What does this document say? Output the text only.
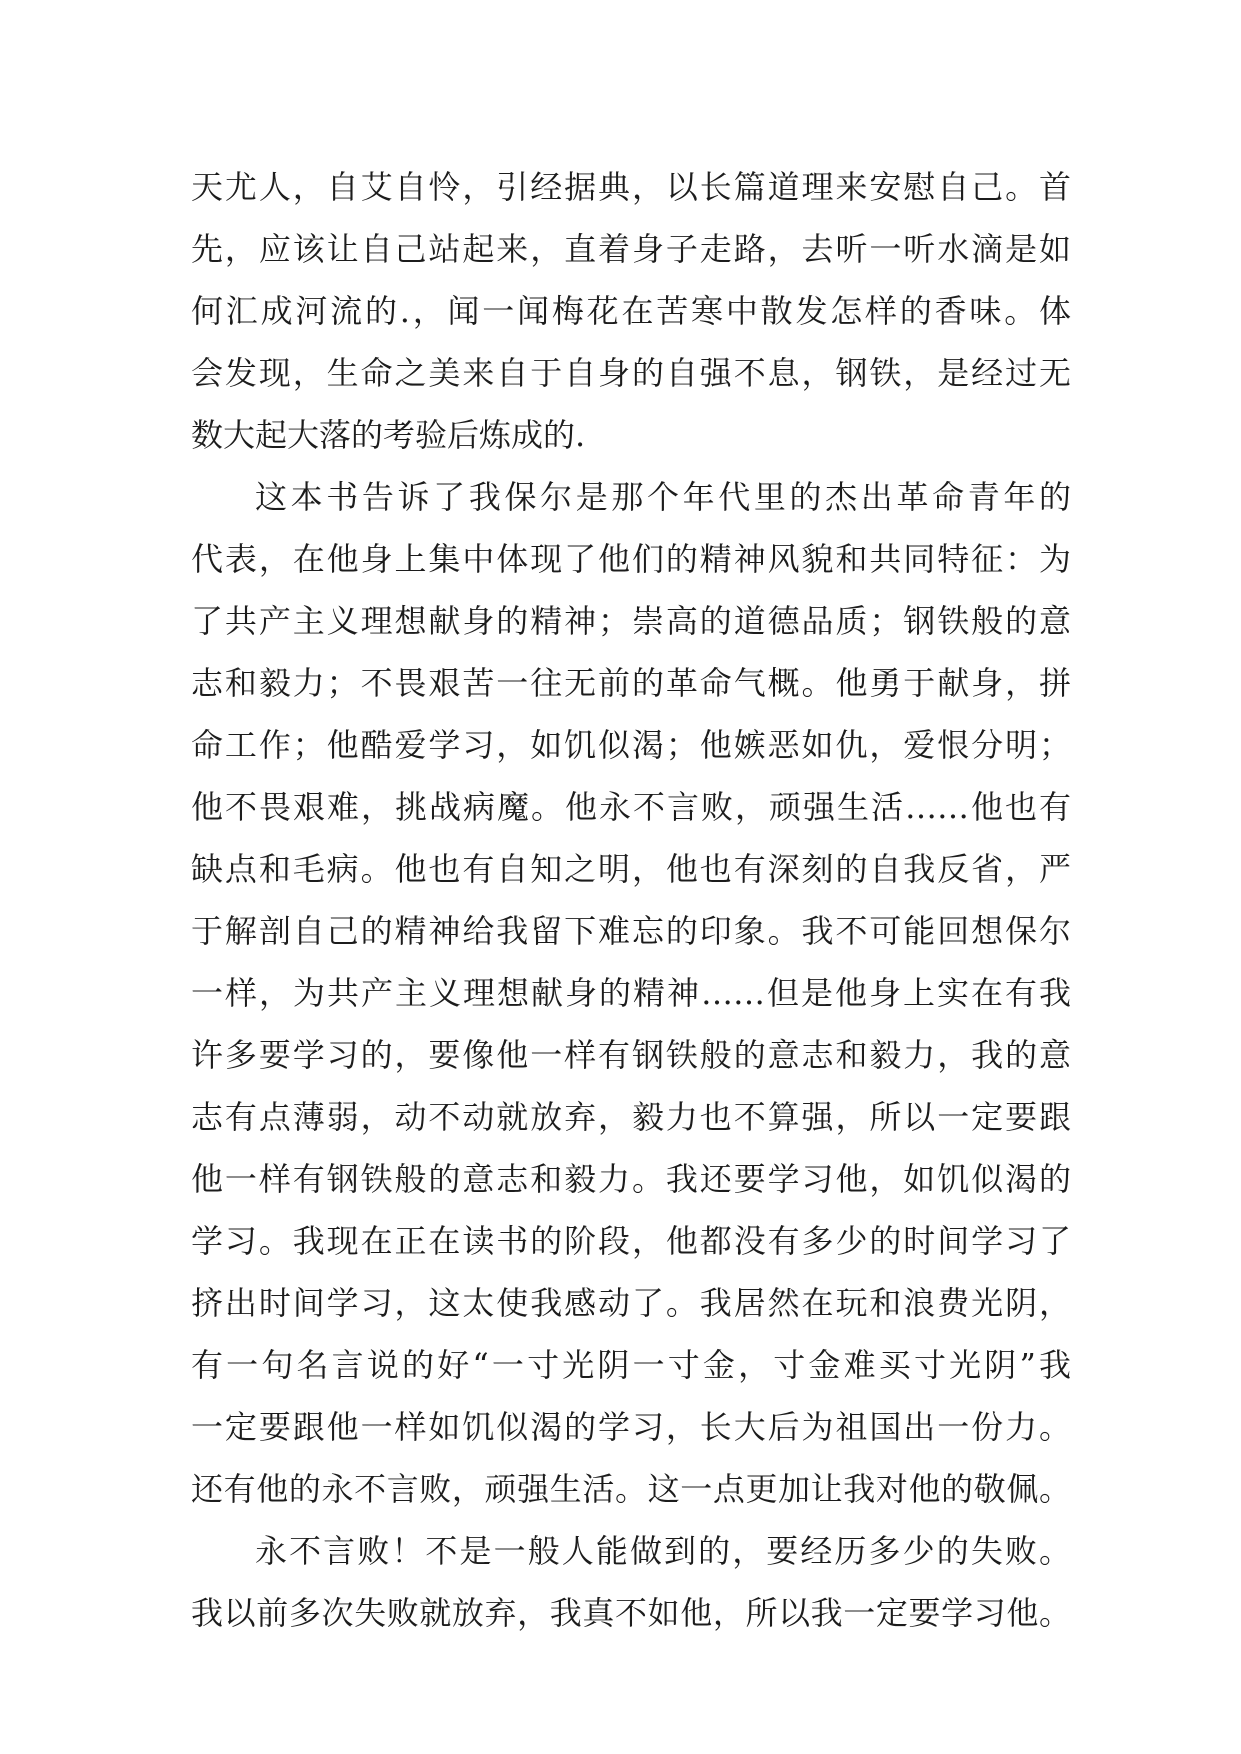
天尤人，自艾自怜，引经据典，以长篇道理来安慰自己。首
先，应该让自己站起来，直着身子走路，去听一听水滴是如
何汇成河流的.，闻一闻梅花在苦寒中散发怎样的香味。体
会发现，生命之美来自于自身的自强不息，钢铁，是经过无
数大起大落的考验后炼成的.
这本书告诉了我保尔是那个年代里的杰出革命青年的
代表，在他身上集中体现了他们的精神风貌和共同特征：为
了共产主义理想献身的精神；崇高的道德品质；钢铁般的意
志和毅力；不畏艰苦一往无前的革命气概。他勇于献身，拼
命工作；他酷爱学习，如饥似渴；他嫉恶如仇，爱恨分明；
他不畏艰难，挑战病魔。他永不言败，顽强生活……他也有
缺点和毛病。他也有自知之明，他也有深刻的自我反省，严
于解剖自己的精神给我留下难忘的印象。我不可能回想保尔
一样，为共产主义理想献身的精神……但是他身上实在有我
许多要学习的，要像他一样有钢铁般的意志和毅力，我的意
志有点薄弱，动不动就放弃，毅力也不算强，所以一定要跟
他一样有钢铁般的意志和毅力。我还要学习他，如饥似渴的
学习。我现在正在读书的阶段，他都没有多少的时间学习了
挤出时间学习，这太使我感动了。我居然在玩和浪费光阴，
有一句名言说的好“一寸光阴一寸金，寸金难买寸光阴”我
一定要跟他一样如饥似渴的学习，长大后为祖国出一份力。
还有他的永不言败，顽强生活。这一点更加让我对他的敬佩。
永不言败！不是一般人能做到的，要经历多少的失败。
我以前多次失败就放弃，我真不如他，所以我一定要学习他。
